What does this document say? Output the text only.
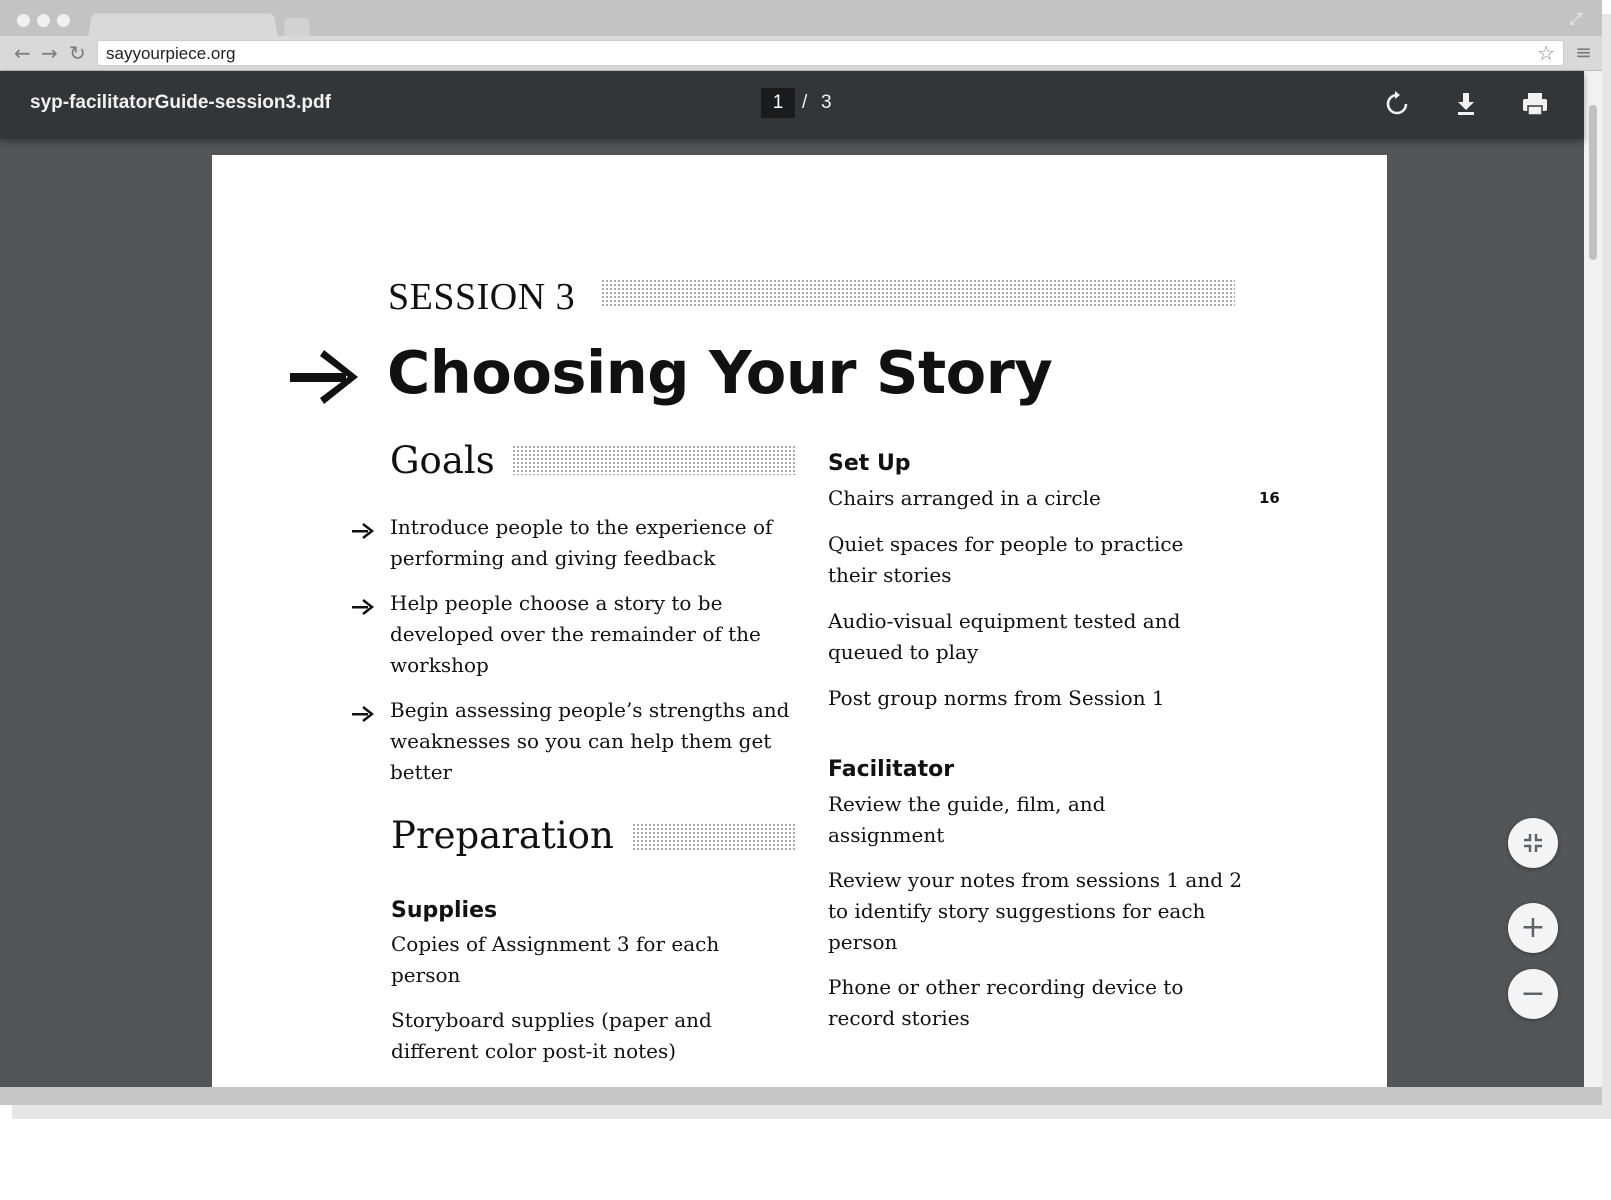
⤢
← → ↻ sayyourpiece.org	☆ ≡
syp-facilitatorGuide-session3.pdf	1 / 3
SESSION 3
Choosing Your Story
Goals
Introduce people to the experience of performing and giving feedback
Help people choose a story to be developed over the remainder of the workshop
Begin assessing people’s strengths and weaknesses so you can help them get better
Preparation
Supplies
Copies of Assignment 3 for each person
Storyboard supplies (paper and different color post-it notes)
Set Up
Chairs arranged in a circle
Quiet spaces for people to practice their stories
Audio-visual equipment tested and queued to play
Post group norms from Session 1
16
Facilitator
Review the guide, film, and assignment
Review your notes from sessions 1 and 2 to identify story suggestions for each person
Phone or other recording device to record stories
+
−
